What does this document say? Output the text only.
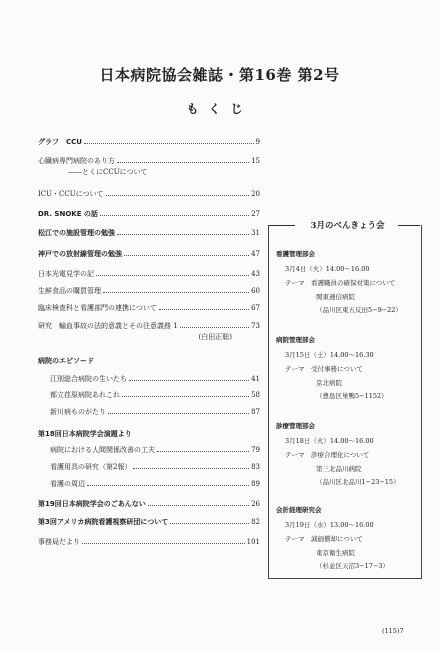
日本病院協会雑誌・第16巻 第2号
もくじ
グラフ　CCU	9
心臓病専門病院のあり方	15
——とくにCCUについて
ICU・CCUについて	20
DR. SNOKE の話	27
松江での施設管理の勉強	31
神戸での放射線管理の勉強	47
日本光電見学の記	43
生鮮食品の購買管理	60
臨床検査科と看護部門の連携について	67
研究　輸血事故の法的意義とその注意義務 1	73
(白田正聡)
病院のエピソード
江別総合病院の生いたち	41
都立荏原病院あれこれ	58
新川病ものがたり	87
第18回日本病院学会演題より
病院における人間関係改善の工夫	79
看護用具の研究（第2報）	83
看護の周辺	89
第19回日本病院学会のごあんない	26
第3回アメリカ病院看護視察研団について	82
事務局だより	101
3月のべんきょう会
看護管理部会
3月4日（火）14.00〜16.00
テーマ　看護職員の確保対策について
関東逓信病院
（品川区東五反田5−9−22）
病院管理部会
3月15日（土）14.00〜16.30
テーマ　受付事務について
京北病院
（豊島区巣鴨5−1152）
診療管理部会
3月18日（火）14.00〜16.00
テーマ　診療合理化について
第三北品川病院
（品川区北品川1−23−15）
会計経理研究会
3月19日（水）13.00〜16.00
テーマ　減価償却について
東京衛生病院
（杉並区天沼3−17−3）
(115)7
